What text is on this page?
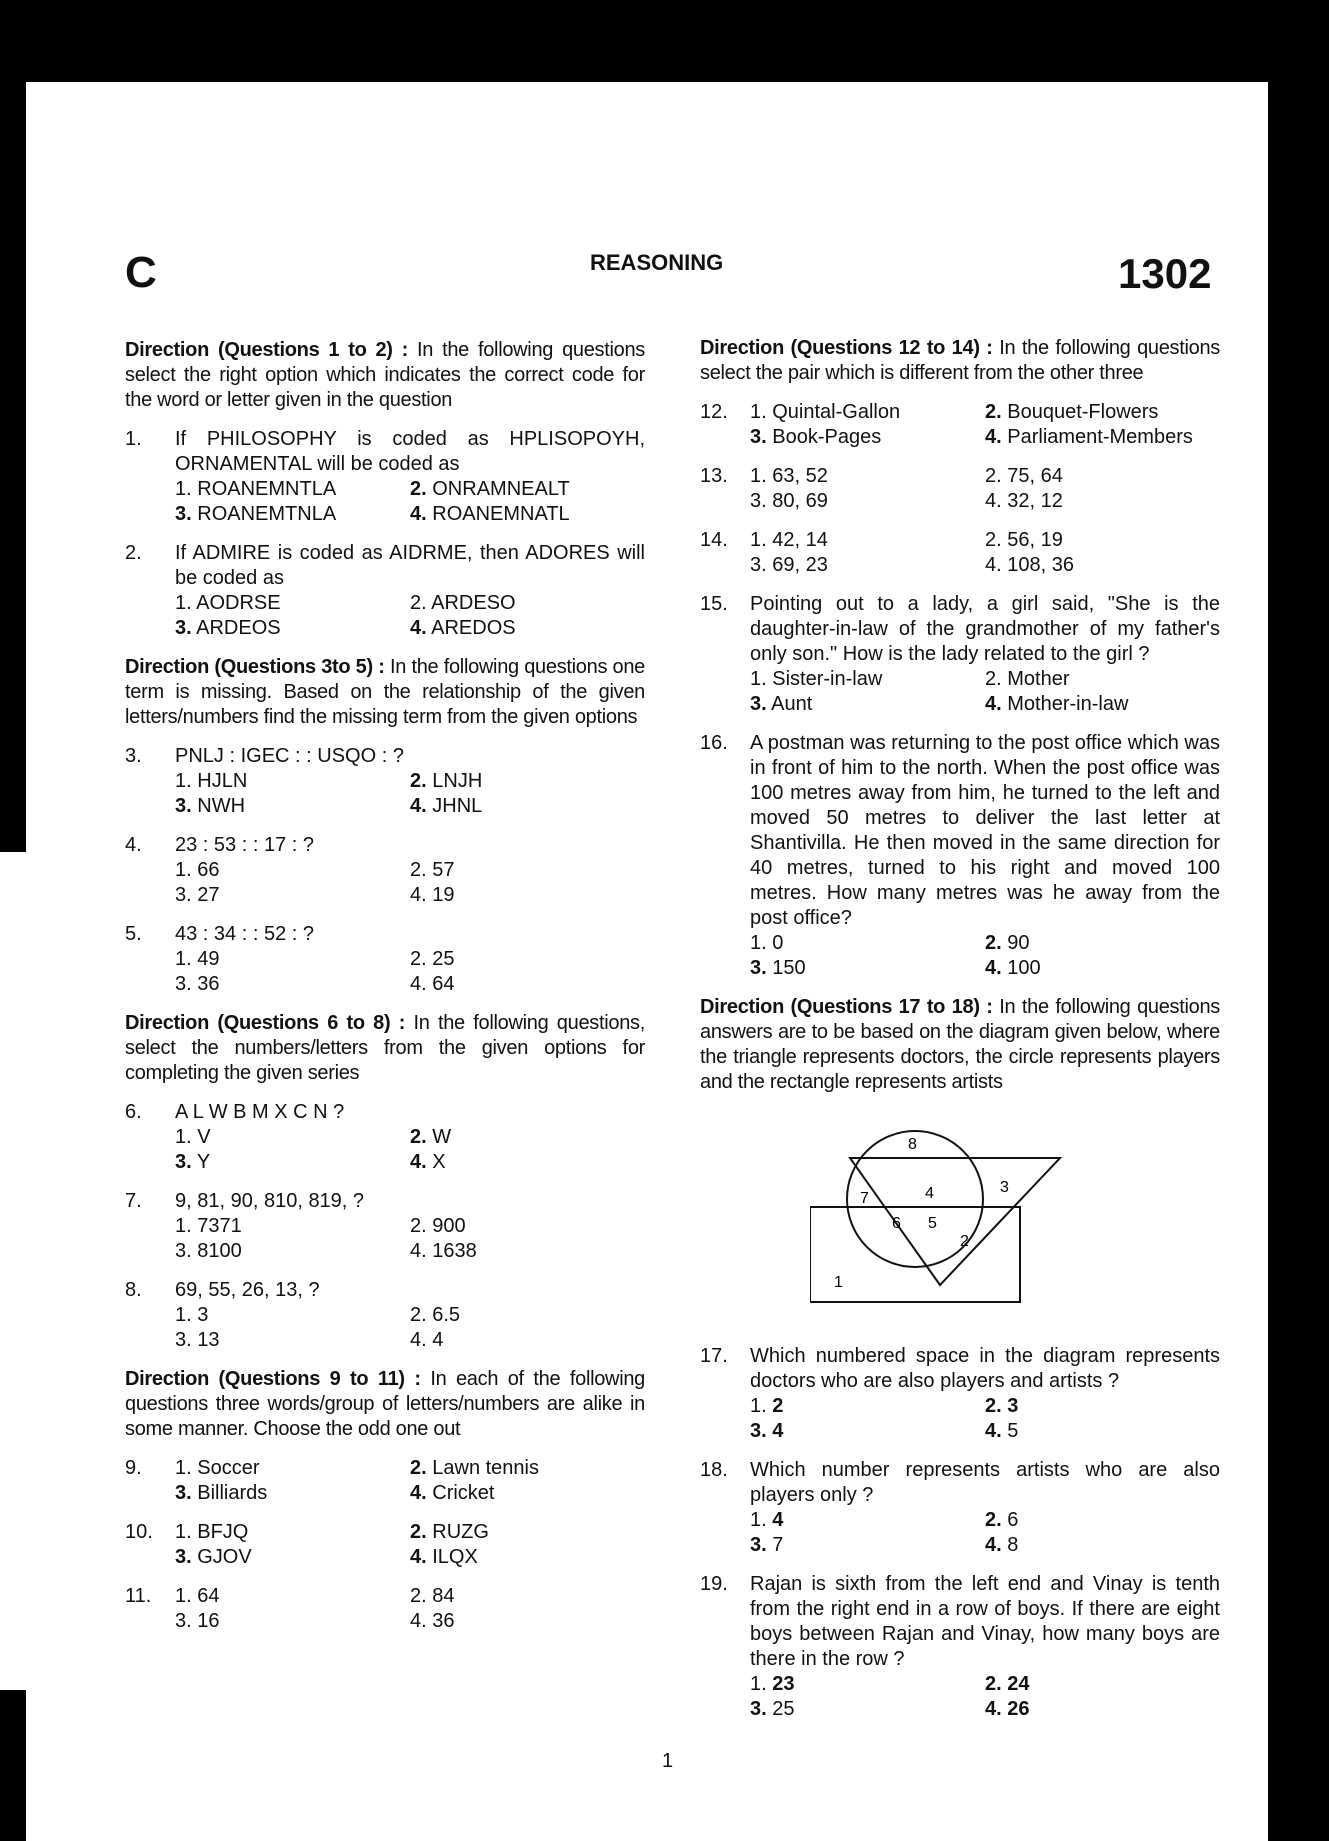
C	REASONING	1302

Direction (Questions 1 to 2) : In the following questions select the right option which indicates the correct code for the word or letter given in the question

1. If PHILOSOPHY is coded as HPLISOPOYH, ORNAMENTAL will be coded as
1. ROANEMNTLA	2. ONRAMNEALT
3. ROANEMTNLA	4. ROANEMNATL
2. If ADMIRE is coded as AIDRME, then ADORES will be coded as
1. AODRSE	2. ARDESO
3. ARDEOS	4. AREDOS

Direction (Questions 3to 5) : In the following questions one term is missing. Based on the relationship of the given letters/numbers find the missing term from the given options

3. PNLJ : IGEC : : USQO : ?
1. HJLN	2. LNJH
3. NWH	4. JHNL
4. 23 : 53 : : 17 : ?
1. 66	2. 57
3. 27	4. 19
5. 43 : 34 : : 52 : ?
1. 49	2. 25
3. 36	4. 64

Direction (Questions 6 to 8) : In the following questions, select the numbers/letters from the given options for completing the given series

6. A L W B M X C N ?
1. V	2. W
3. Y	4. X
7. 9, 81, 90, 810, 819, ?
1. 7371	2. 900
3. 8100	4. 1638
8. 69, 55, 26, 13, ?
1. 3	2. 6.5
3. 13	4. 4

Direction (Questions 9 to 11) : In each of the following questions three words/group of letters/numbers are alike in some manner. Choose the odd one out

9. 1. Soccer	2. Lawn tennis
3. Billiards	4. Cricket
10. 1. BFJQ	2. RUZG
3. GJOV	4. ILQX
11. 1. 64	2. 84
3. 16	4. 36

Direction (Questions 12 to 14) : In the following questions select the pair which is different from the other three

12. 1. Quintal-Gallon	2. Bouquet-Flowers
3. Book-Pages	4. Parliament-Members
13. 1. 63, 52	2. 75, 64
3. 80, 69	4. 32, 12
14. 1. 42, 14	2. 56, 19
3. 69, 23	4. 108, 36
15. Pointing out to a lady, a girl said, "She is the daughter-in-law of the grandmother of my father's only son." How is the lady related to the girl ?
1. Sister-in-law	2. Mother
3. Aunt	4. Mother-in-law
16. A postman was returning to the post office which was in front of him to the north. When the post office was 100 metres away from him, he turned to the left and moved 50 metres to deliver the last letter at Shantivilla. He then moved in the same direction for 40 metres, turned to his right and moved 100 metres. How many metres was he away from the post office?
1. 0	2. 90
3. 150	4. 100

Direction (Questions 17 to 18) : In the following questions answers are to be based on the diagram given below, where the triangle represents doctors, the circle represents players and the rectangle represents artists

8
3
7	4
6 5
2
1
17. Which numbered space in the diagram represents doctors who are also players and artists ?
1. 2	2. 3
3. 4	4. 5
18. Which number represents artists who are also players only ?
1. 4	2. 6
3. 7	4. 8
19. Rajan is sixth from the left end and Vinay is tenth from the right end in a row of boys. If there are eight boys between Rajan and Vinay, how many boys are there in the row ?
1. 23	2. 24
3. 25	4. 26
1
